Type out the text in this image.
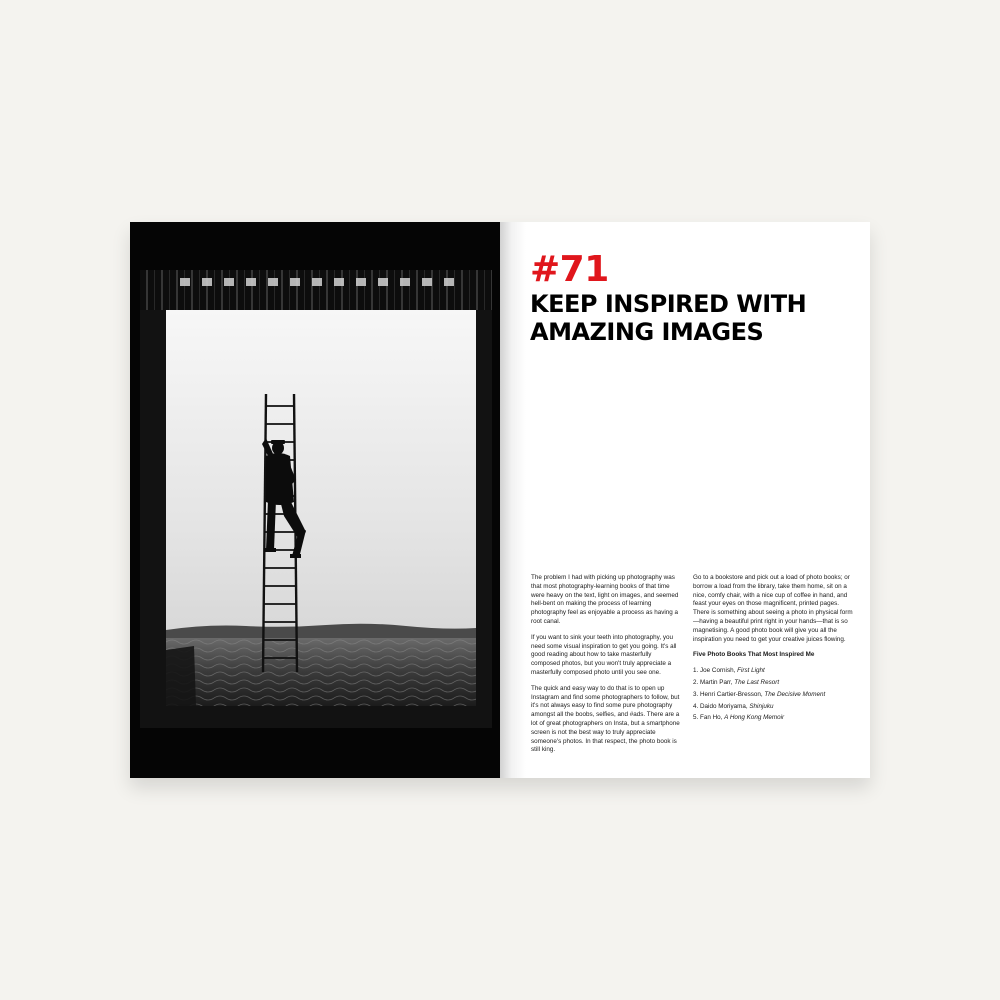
#71
KEEP INSPIRED WITH
AMAZING IMAGES

The problem I had with picking up photography was that most photography-learning books of that time were heavy on the text, light on images, and seemed hell-bent on making the process of learning photography feel as enjoyable a process as having a root canal.

If you want to sink your teeth into photography, you need some visual inspiration to get you going. It's all good reading about how to take masterfully composed photos, but you won't truly appreciate a masterfully composed photo until you see one.

The quick and easy way to do that is to open up Instagram and find some photographers to follow, but it's not always easy to find some pure photography amongst all the boobs, selfies, and #ads. There are a lot of great photographers on Insta, but a smartphone screen is not the best way to truly appreciate someone's photos. In that respect, the photo book is still king.

Go to a bookstore and pick out a load of photo books; or borrow a load from the library, take them home, sit on a nice, comfy chair, with a nice cup of coffee in hand, and feast your eyes on those magnificent, printed pages. There is something about seeing a photo in physical form—having a beautiful print right in your hands—that is so magnetising. A good photo book will give you all the inspiration you need to get your creative juices flowing.

Five Photo Books That Most Inspired Me

1. Joe Cornish, First Light
2. Martin Parr, The Last Resort
3. Henri Cartier-Bresson, The Decisive Moment
4. Daido Moriyama, Shinjuku
5. Fan Ho, A Hong Kong Memoir
